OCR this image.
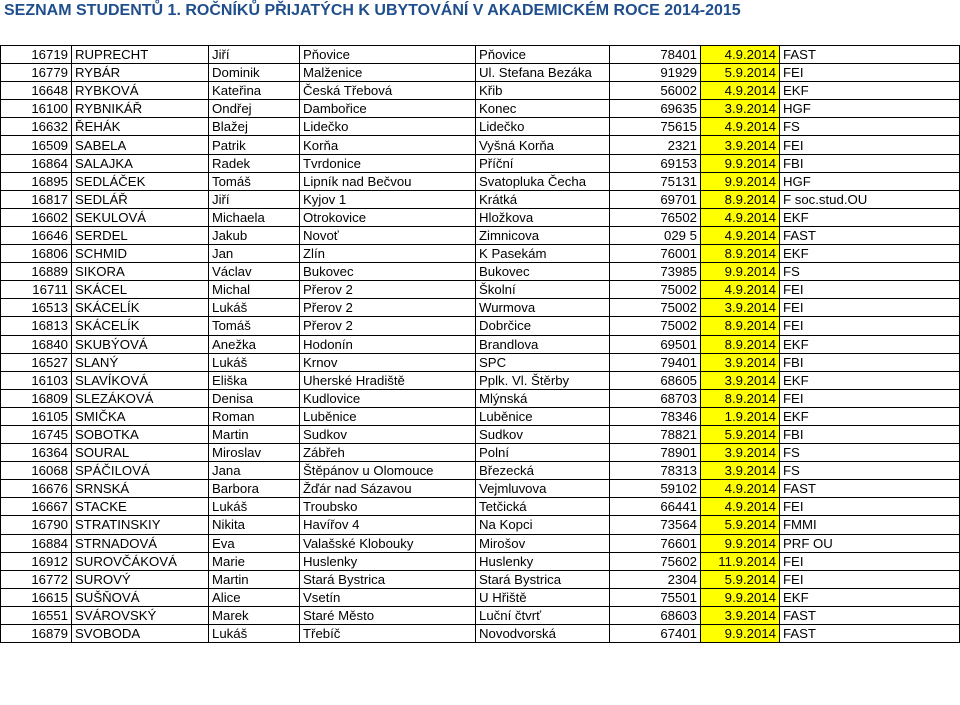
SEZNAM STUDENTŮ 1. ROČNÍKŮ PŘIJATÝCH K UBYTOVÁNÍ V AKADEMICKÉM ROCE 2014-2015
16719	RUPRECHT	Jiří	Pňovice	Pňovice	78401	4.9.2014	FAST
16779	RYBÁR	Dominik	Malženice	Ul. Stefana Bezáka	91929	5.9.2014	FEI
16648	RYBKOVÁ	Kateřina	Česká Třebová	Křib	56002	4.9.2014	EKF
16100	RYBNIKÁŘ	Ondřej	Dambořice	Konec	69635	3.9.2014	HGF
16632	ŘEHÁK	Blažej	Lidečko	Lidečko	75615	4.9.2014	FS
16509	SABELA	Patrik	Korňa	Vyšná Korňa	2321	3.9.2014	FEI
16864	SALAJKA	Radek	Tvrdonice	Příční	69153	9.9.2014	FBI
16895	SEDLÁČEK	Tomáš	Lipník nad Bečvou	Svatopluka Čecha	75131	9.9.2014	HGF
16817	SEDLÁŘ	Jiří	Kyjov 1	Krátká	69701	8.9.2014	F soc.stud.OU
16602	SEKULOVÁ	Michaela	Otrokovice	Hložkova	76502	4.9.2014	EKF
16646	SERDEL	Jakub	Novoť	Zimnicova	029 5	4.9.2014	FAST
16806	SCHMID	Jan	Zlín	K Pasekám	76001	8.9.2014	EKF
16889	SIKORA	Václav	Bukovec	Bukovec	73985	9.9.2014	FS
16711	SKÁCEL	Michal	Přerov 2	Školní	75002	4.9.2014	FEI
16513	SKÁCELÍK	Lukáš	Přerov 2	Wurmova	75002	3.9.2014	FEI
16813	SKÁCELÍK	Tomáš	Přerov 2	Dobrčice	75002	8.9.2014	FEI
16840	SKUBÝOVÁ	Anežka	Hodonín	Brandlova	69501	8.9.2014	EKF
16527	SLANÝ	Lukáš	Krnov	SPC	79401	3.9.2014	FBI
16103	SLAVÍKOVÁ	Eliška	Uherské Hradiště	Pplk. Vl. Štěrby	68605	3.9.2014	EKF
16809	SLEZÁKOVÁ	Denisa	Kudlovice	Mlýnská	68703	8.9.2014	FEI
16105	SMIČKA	Roman	Luběnice	Luběnice	78346	1.9.2014	EKF
16745	SOBOTKA	Martin	Sudkov	Sudkov	78821	5.9.2014	FBI
16364	SOURAL	Miroslav	Zábřeh	Polní	78901	3.9.2014	FS
16068	SPÁČILOVÁ	Jana	Štěpánov u Olomouce	Březecká	78313	3.9.2014	FS
16676	SRNSKÁ	Barbora	Žďár nad Sázavou	Vejmluvova	59102	4.9.2014	FAST
16667	STACKE	Lukáš	Troubsko	Tetčická	66441	4.9.2014	FEI
16790	STRATINSKIY	Nikita	Havířov 4	Na Kopci	73564	5.9.2014	FMMI
16884	STRNADOVÁ	Eva	Valašské Klobouky	Mirošov	76601	9.9.2014	PRF OU
16912	SUROVČÁKOVÁ	Marie	Huslenky	Huslenky	75602	11.9.2014	FEI
16772	SUROVÝ	Martin	Stará Bystrica	Stará Bystrica	2304	5.9.2014	FEI
16615	SUŠŇOVÁ	Alice	Vsetín	U Hřiště	75501	9.9.2014	EKF
16551	SVÁROVSKÝ	Marek	Staré Město	Luční čtvrť	68603	3.9.2014	FAST
16879	SVOBODA	Lukáš	Třebíč	Novodvorská	67401	9.9.2014	FAST
